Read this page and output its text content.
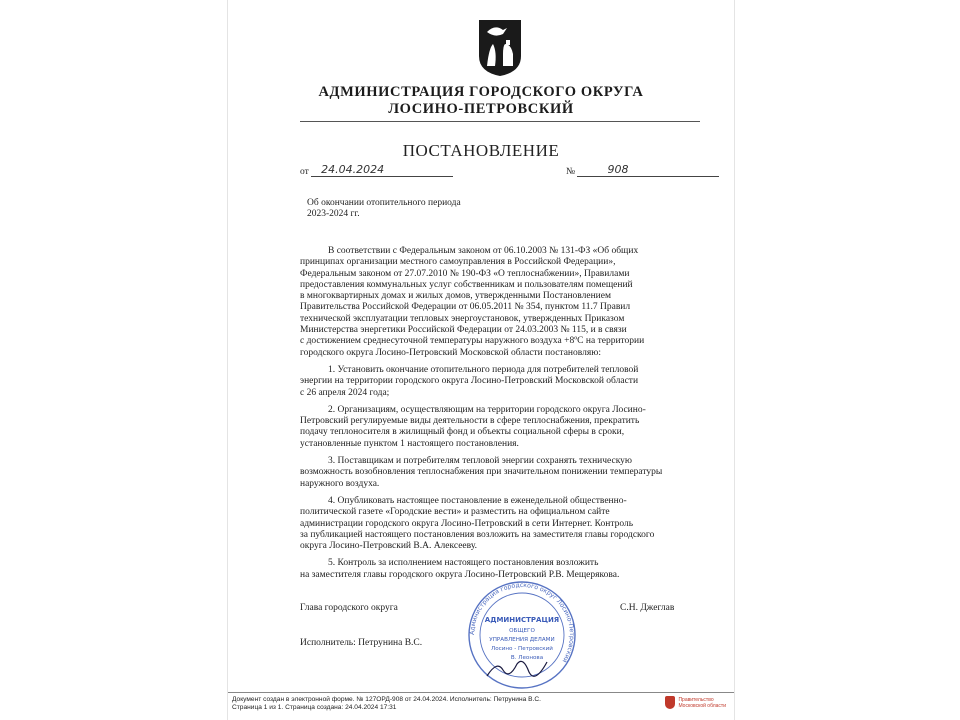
АДМИНИСТРАЦИЯ ГОРОДСКОГО ОКРУГА
ЛОСИНО-ПЕТРОВСКИЙ
ПОСТАНОВЛЕНИЕ
от 24.04.2024	№	908
Об окончании отопительного периода
2023-2024 гг.
В соответствии с Федеральным законом от 06.10.2003 № 131-ФЗ «Об общих
принципах организации местного самоуправления в Российской Федерации»,
Федеральным законом от 27.07.2010 № 190-ФЗ «О теплоснабжении», Правилами
предоставления коммунальных услуг собственникам и пользователям помещений
в многоквартирных домах и жилых домов, утвержденными Постановлением
Правительства Российской Федерации от 06.05.2011 № 354, пунктом 11.7 Правил
технической эксплуатации тепловых энергоустановок, утвержденных Приказом
Министерства энергетики Российской Федерации от 24.03.2003 № 115, и в связи
с достижением среднесуточной температуры наружного воздуха +8ºС на территории
городского округа Лосино-Петровский Московской области постановляю:
1. Установить окончание отопительного периода для потребителей тепловой
энергии на территории городского округа Лосино-Петровский Московской области
с 26 апреля 2024 года;
2. Организациям, осуществляющим на территории городского округа Лосино-
Петровский регулируемые виды деятельности в сфере теплоснабжения, прекратить
подачу теплоносителя в жилищный фонд и объекты социальной сферы в сроки,
установленные пунктом 1 настоящего постановления.
3. Поставщикам и потребителям тепловой энергии сохранять техническую
возможность возобновления теплоснабжения при значительном понижении температуры
наружного воздуха.
4. Опубликовать настоящее постановление в еженедельной общественно-
политической газете «Городские вести» и разместить на официальном сайте
администрации городского округа Лосино-Петровский в сети Интернет. Контроль
за публикацией настоящего постановления возложить на заместителя главы городского
округа Лосино-Петровский В.А. Алексееву.
5. Контроль за исполнением настоящего постановления возложить
на заместителя главы городского округа Лосино-Петровский Р.В. Мещерякова.
Глава городского округа	С.Н. Джеглав
Исполнитель: Петрунина В.С.
Администрация городского округ Лосино-Петровский
АДМИНИСТРАЦИЯ
ОБЩЕГО
УПРАВЛЕНИЯ ДЕЛАМИ
Лосино - Петровский
В. Леонова
Документ создан в электронной форме. № 127ОРД-908 от 24.04.2024. Исполнитель: Петрунина В.С.
Страница 1 из 1. Страница создана: 24.04.2024 17:31
Правительство
Московской области
